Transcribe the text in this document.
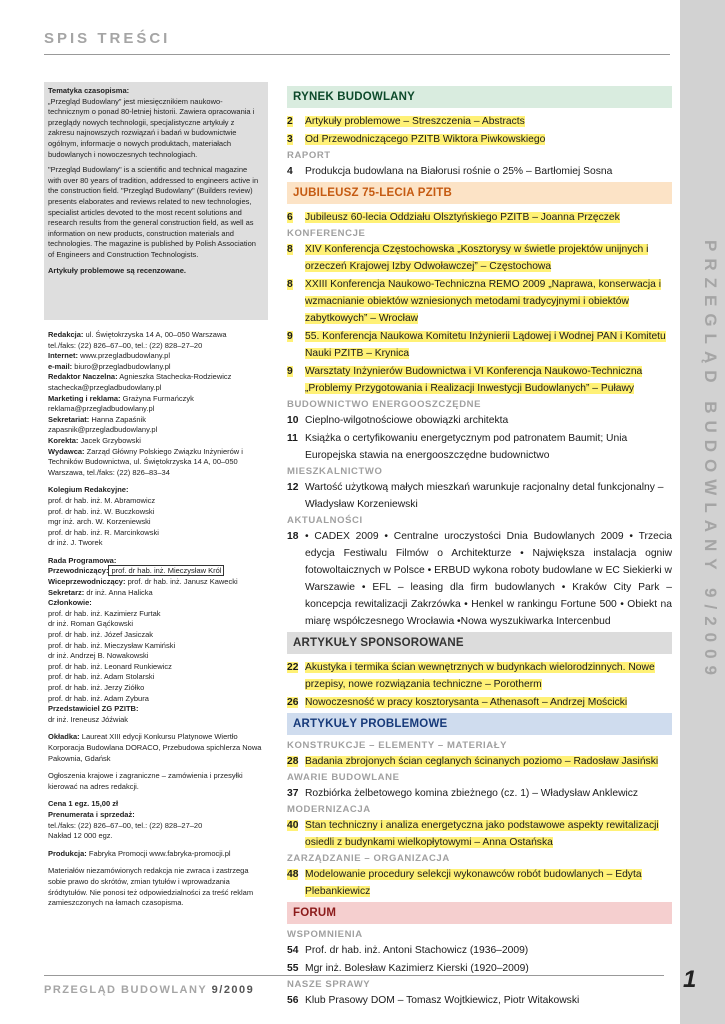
PRZEGLĄD BUDOWLANY 9/2009
SPIS TREŚCI

Tematyka czasopisma:
„Przegląd Budowlany” jest miesięcznikiem naukowo-technicznym o ponad 80-letniej historii. Zawiera opracowania i przeglądy nowych technologii, specjalistyczne artykuły z zakresu najnowszych rozwiązań i badań w budownictwie ogólnym, informacje o nowych produktach, materiałach budowlanych i nowoczesnych technologiach.

"Przegląd Budowlany" is a scientific and technical magazine with over 80 years of tradition, addressed to engineers active in the construction field. "Przegląd Budowlany" (Builders review) presents elaborates and reviews related to new technologies, specialist articles devoted to the most recent solutions and research results from the general construction field, as well as information on new products, construction materials and technologies. The magazine is published by Polish Association of Engineers and Construction Technologists.

Artykuły problemowe są recenzowane.

Redakcja: ul. Świętokrzyska 14 A, 00–050 Warszawa
tel./faks: (22) 826–67–00, tel.: (22) 828–27–20
Internet: www.przegladbudowlany.pl
e-mail: biuro@przegladbudowlany.pl
Redaktor Naczelna: Agnieszka Stachecka-Rodziewicz
stachecka@przegladbudowlany.pl
Marketing i reklama: Grażyna Furmańczyk
reklama@przegladbudowlany.pl
Sekretariat: Hanna Zapaśnik
zapasnik@przegladbudowlany.pl
Korekta: Jacek Grzybowski
Wydawca: Zarząd Główny Polskiego Związku Inżynierów i Techników Budownictwa, ul. Świętokrzyska 14 A, 00–050 Warszawa, tel./faks: (22) 826–83–34
Kolegium Redakcyjne:
prof. dr hab. inż. M. Abramowicz
prof. dr hab. inż. W. Buczkowski
mgr inż. arch. W. Korzeniewski
prof. dr hab. inż. R. Marcinkowski
dr inż. J. Tworek
Rada Programowa:
Przewodniczący: prof. dr hab. inż. Mieczysław Król
Wiceprzewodniczący: prof. dr hab. inż. Janusz Kawecki
Sekretarz: dr inż. Anna Halicka
Członkowie:
prof. dr hab. inż. Kazimierz Furtak
dr inż. Roman Gąćkowski
prof. dr hab. inż. Józef Jasiczak
prof. dr hab. inż. Mieczysław Kamiński
dr inż. Andrzej B. Nowakowski
prof. dr hab. inż. Leonard Runkiewicz
prof. dr hab. inż. Adam Stolarski
prof. dr hab. inż. Jerzy Ziółko
prof. dr hab. inż. Adam Zybura
Przedstawiciel ZG PZITB:
dr inż. Ireneusz Jóźwiak
Okładka: Laureat XIII edycji Konkursu Platynowe Wiertło Korporacja Budowlana DORACO, Przebudowa spichlerza Nowa Pakownia, Gdańsk
Ogłoszenia krajowe i zagraniczne – zamówienia i przesyłki kierować na adres redakcji.
Cena 1 egz. 15,00 zł
Prenumerata i sprzedaż:
tel./faks: (22) 826–67–00, tel.: (22) 828–27–20
Nakład 12 000 egz.
Produkcja: Fabryka Promocji www.fabryka-promocji.pl
Materiałów niezamówionych redakcja nie zwraca i zastrzega sobie prawo do skrótów, zmian tytułów i wprowadzania śródtytułów. Nie ponosi też odpowiedzialności za treść reklam zamieszczonych na łamach czasopisma.
RYNEK BUDOWLANY
2	Artykuły problemowe – Streszczenia – Abstracts
3	Od Przewodniczącego PZITB Wiktora Piwkowskiego
RAPORT
4	Produkcja budowlana na Białorusi rośnie o 25% – Bartłomiej Sosna
JUBILEUSZ 75-LECIA PZITB
6	Jubileusz 60-lecia Oddziału Olsztyńskiego PZITB – Joanna Przęczek
KONFERENCJE
8	XIV Konferencja Częstochowska „Kosztorysy w świetle projektów unijnych i orzeczeń Krajowej Izby Odwoławczej” – Częstochowa
8	XXIII Konferencja Naukowo-Techniczna REMO 2009 „Naprawa, konserwacja i wzmacnianie obiektów wzniesionych metodami tradycyjnymi i obiektów zabytkowych” – Wrocław
9	55. Konferencja Naukowa Komitetu Inżynierii Lądowej i Wodnej PAN i Komitetu Nauki PZITB – Krynica
9	Warsztaty Inżynierów Budownictwa i VI Konferencja Naukowo-Techniczna „Problemy Przygotowania i Realizacji Inwestycji Budowlanych” – Puławy
BUDOWNICTWO ENERGOOSZCZĘDNE
10 Cieplno-wilgotnościowe obowiązki architekta
11 Książka o certyfikowaniu energetycznym pod patronatem Baumit; Unia Europejska stawia na energooszczędne budownictwo
MIESZKALNICTWO
12 Wartość użytkową małych mieszkań warunkuje racjonalny detal funkcjonalny – Władysław Korzeniewski
AKTUALNOŚCI
18 • CADEX 2009 • Centralne uroczystości Dnia Budowlanych 2009 • Trzecia edycja Festiwalu Filmów o Architekturze • Największa instalacja ogniw fotowoltaicznych w Polsce • ERBUD wykona roboty budowlane w EC Siekierki w Warszawie • EFL – leasing dla firm budowlanych • Kraków City Park – koncepcja rewitalizacji Zakrzówka • Henkel w rankingu Fortune 500 • Obiekt na miarę współczesnego Wrocławia •Nowa wyszukiwarka Intercenbud
ARTYKUŁY SPONSOROWANE
22 Akustyka i termika ścian wewnętrznych w budynkach wielorodzinnych. Nowe przepisy, nowe rozwiązania techniczne – Porotherm
26 Nowoczesność w pracy kosztorysanta – Athenasoft – Andrzej Mościcki
ARTYKUŁY PROBLEMOWE
KONSTRUKCJE – ELEMENTY – MATERIAŁY
28 Badania zbrojonych ścian ceglanych ścinanych poziomo – Radosław Jasiński
AWARIE BUDOWLANE
37 Rozbiórka żelbetowego komina zbieżnego (cz. 1) – Władysław Anklewicz
MODERNIZACJA
40 Stan techniczny i analiza energetyczna jako podstawowe aspekty rewitalizacji osiedli z budynkami wielkopłytowymi – Anna Ostańska
ZARZĄDZANIE – ORGANIZACJA
48 Modelowanie procedury selekcji wykonawców robót budowlanych – Edyta Plebankiewicz
FORUM
WSPOMNIENIA
54 Prof. dr hab. inż. Antoni Stachowicz (1936–2009)
55 Mgr inż. Bolesław Kazimierz Kierski (1920–2009)
NASZE SPRAWY
56 Klub Prasowy DOM – Tomasz Wojtkiewicz, Piotr Witakowski
PRZEGLĄD BUDOWLANY 9/2009	1
